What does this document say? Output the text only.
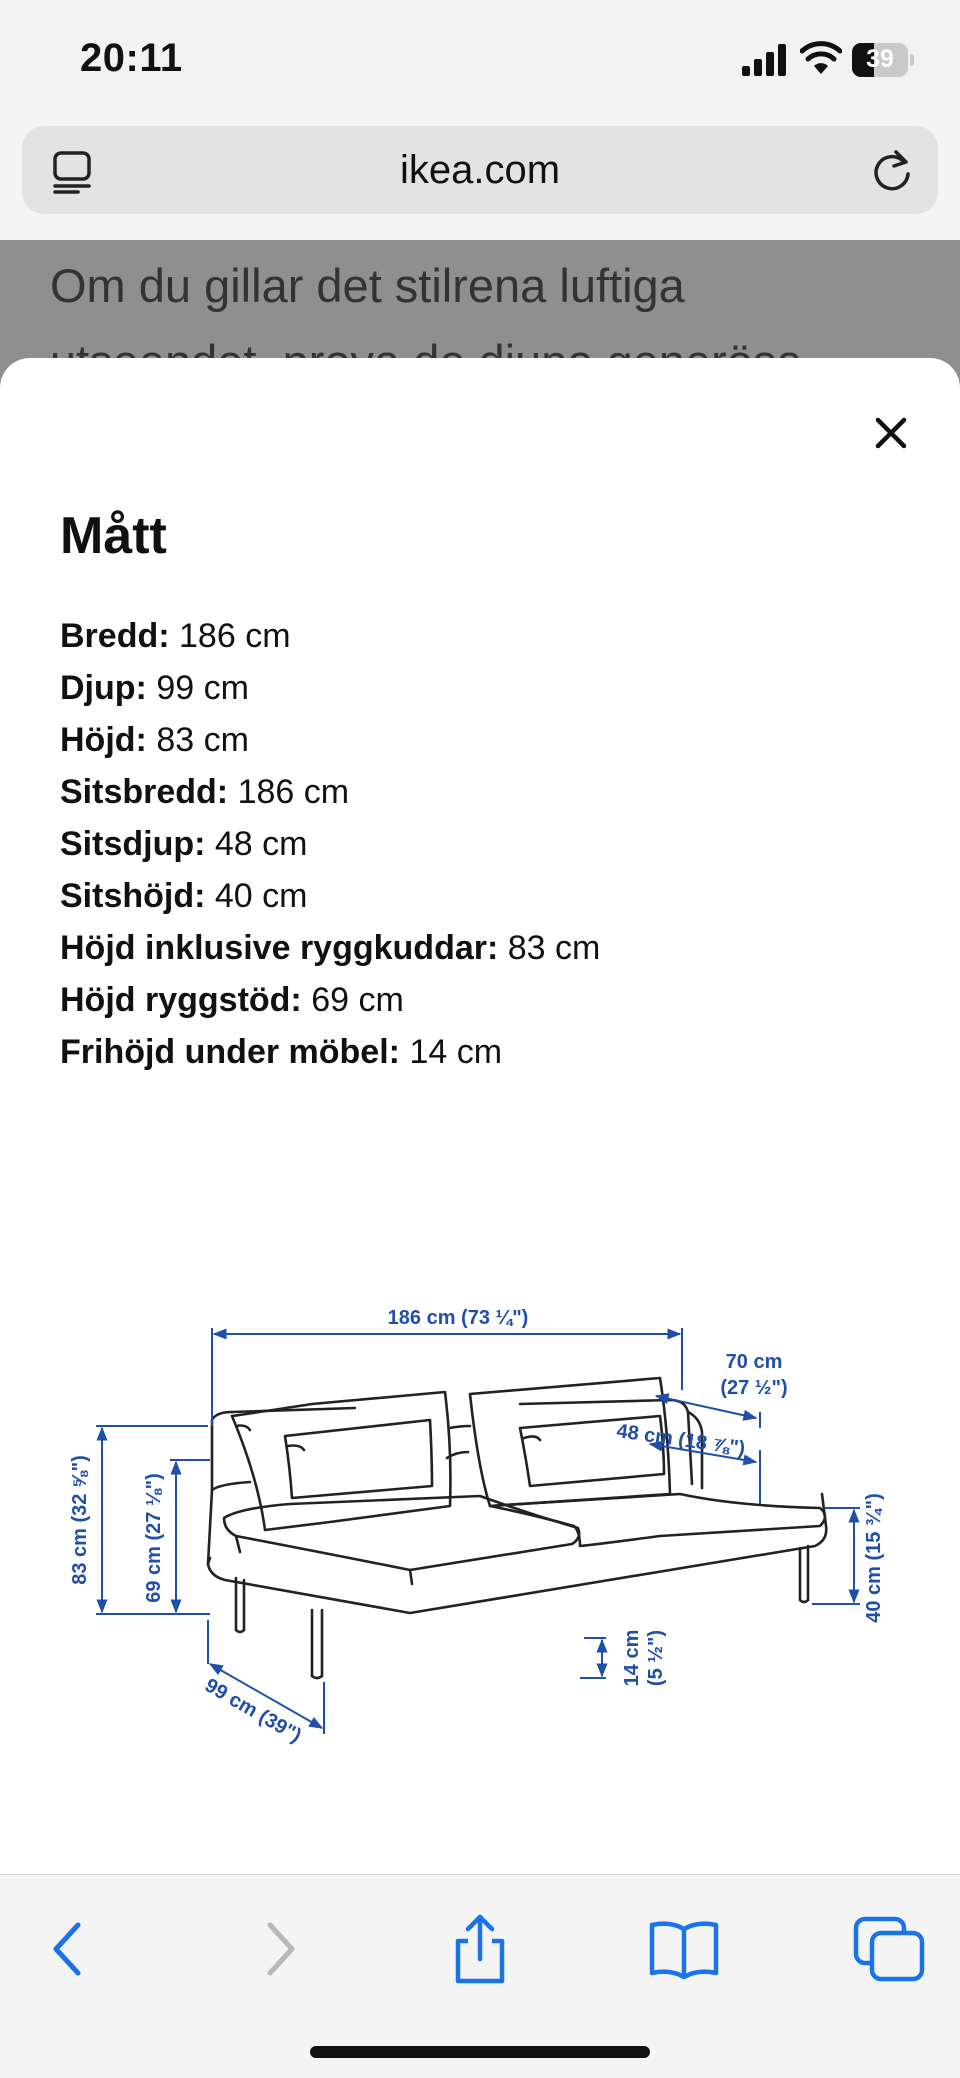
20:11	39
ikea.com
Om du gillar det stilrena luftiga
Mått
Bredd: 186 cm
Djup: 99 cm
Höjd: 83 cm
Sitsbredd: 186 cm
Sitsdjup: 48 cm
Sitshöjd: 40 cm
Höjd inklusive ryggkuddar: 83 cm
Höjd ryggstöd: 69 cm
Frihöjd under möbel: 14 cm
186 cm (73 ¼")
70 cm
(27 ½")
48 cm (18 ⅞")
83 cm (32 ⅝")	69 cm (27 ⅛")	40 cm (15 ¾")
14 cm (5 ½")
99 cm (39")
